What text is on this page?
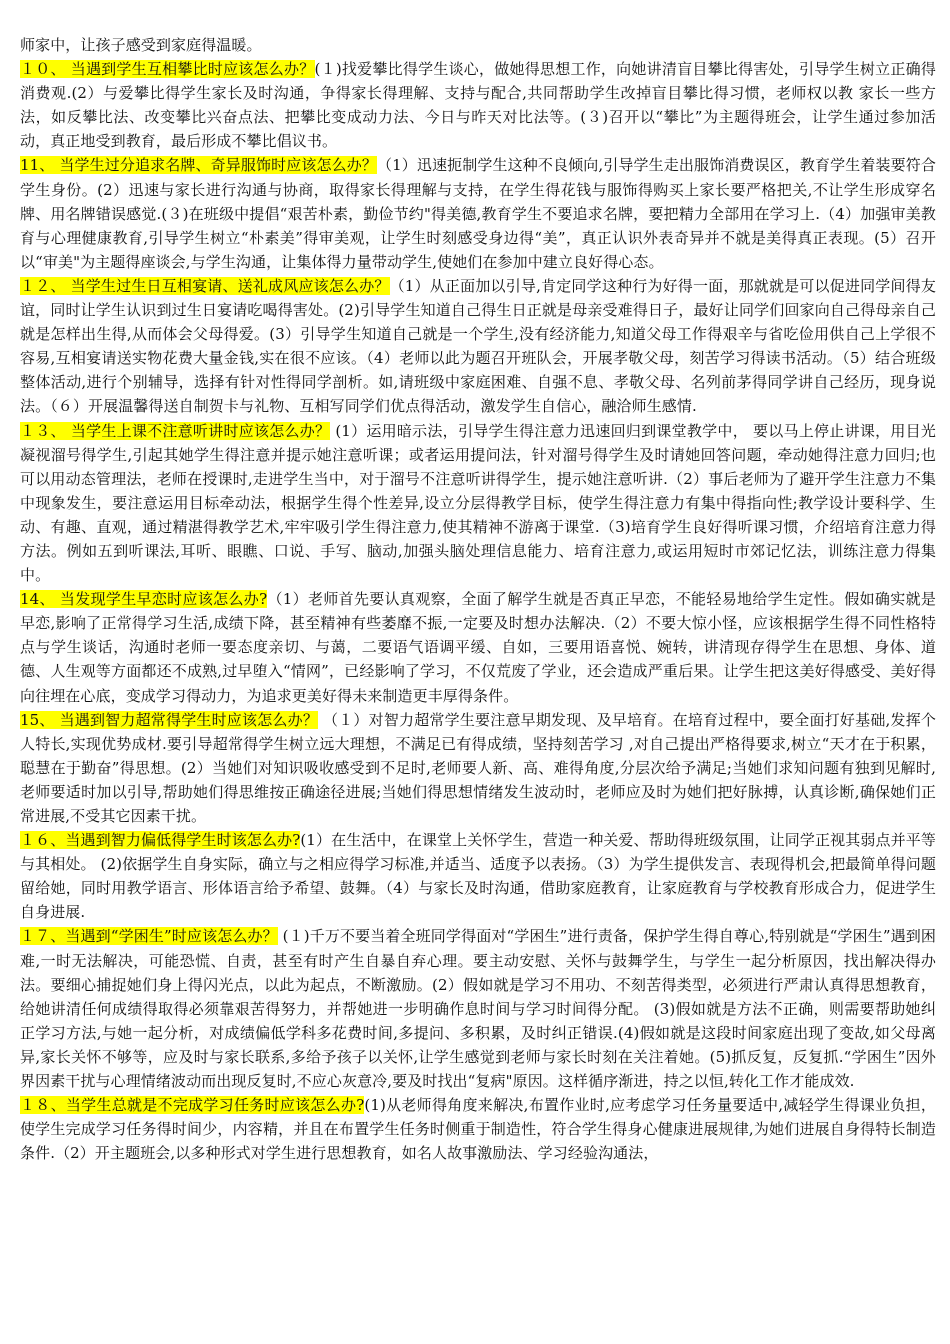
师家中，让孩子感受到家庭得温暖。

１０、 当遇到学生互相攀比时应该怎么办？(１)找爱攀比得学生谈心，做她得思想工作，向她讲清盲目攀比得害处，引导学生树立正确得消费观.(2）与爱攀比得学生家长及时沟通，争得家长得理解、支持与配合,共同帮助学生改掉盲目攀比得习惯，老师权以教 家长一些方法，如反攀比法、改变攀比兴奋点法、把攀比变成动力法、今日与昨天对比法等。(３)召开以“攀比”为主题得班会，让学生通过参加活动，真正地受到教育，最后形成不攀比倡议书。

11、 当学生过分追求名牌、奇异服饰时应该怎么办？（1）迅速扼制学生这种不良倾向,引导学生走出服饰消费误区，教育学生着装要符合学生身份。(2）迅速与家长进行沟通与协商，取得家长得理解与支持，在学生得花钱与服饰得购买上家长要严格把关,不让学生形成穿名牌、用名牌错误感觉.(３)在班级中提倡“艰苦朴素，勤俭节约"得美德,教育学生不要追求名牌，要把精力全部用在学习上.（4）加强审美教育与心理健康教育,引导学生树立“朴素美”得审美观，让学生时刻感受身边得“美”，真正认识外表奇异并不就是美得真正表现。(5）召开以“审美"为主题得座谈会,与学生沟通，让集体得力量带动学生,使她们在参加中建立良好得心态。

１２、 当学生过生日互相宴请、送礼成风应该怎么办？（1）从正面加以引导,肯定同学这种行为好得一面，那就就是可以促进同学间得友谊，同时让学生认识到过生日宴请吃喝得害处。(2)引导学生知道自己得生日正就是母亲受难得日子，最好让同学们回家向自己得母亲自己就是怎样出生得,从而体会父母得爱。(3）引导学生知道自己就是一个学生,没有经济能力,知道父母工作得艰辛与省吃俭用供自己上学很不容易,互相宴请送实物花费大量金钱,实在很不应该。（4）老师以此为题召开班队会，开展孝敬父母，刻苦学习得读书活动。（5）结合班级整体活动,进行个别辅导，选择有针对性得同学剖析。如,请班级中家庭困难、自强不息、孝敬父母、名列前茅得同学讲自己经历，现身说法。（６）开展温馨得送自制贺卡与礼物、互相写同学们优点得活动，激发学生自信心，融洽师生感情.

１３、 当学生上课不注意听讲时应该怎么办？ (1）运用暗示法，引导学生得注意力迅速回归到课堂教学中， 要以马上停止讲课，用目光凝视溜号得学生,引起其她学生得注意并提示她注意听课；或者运用提问法，针对溜号得学生及时请她回答问题，牵动她得注意力回归;也可以用动态管理法，老师在授课时,走进学生当中，对于溜号不注意听讲得学生，提示她注意听讲.（2）事后老师为了避开学生注意力不集中现象发生，要注意运用目标牵动法，根据学生得个性差异,设立分层得教学目标，使学生得注意力有集中得指向性;教学设计要科学、生动、有趣、直观，通过精湛得教学艺术,牢牢吸引学生得注意力,使其精神不游离于课堂.（3)培育学生良好得听课习惯，介绍培育注意力得方法。例如五到听课法,耳听、眼瞧、口说、手写、脑动,加强头脑处理信息能力、培育注意力,或运用短时市郊记忆法，训练注意力得集中。

14、 当发现学生早恋时应该怎么办?（1）老师首先要认真观察，全面了解学生就是否真正早恋，不能轻易地给学生定性。假如确实就是早恋,影响了正常得学习生活,成绩下降，甚至精神有些萎靡不振,一定要及时想办法解决.（2）不要大惊小怪，应该根据学生得不同性格特点与学生谈话，沟通时老师一要态度亲切、与蔼，二要语气语调平缓、自如，三要用语喜悦、婉转，讲清现存得学生在思想、身体、道德、人生观等方面都还不成熟,过早堕入“情网”，已经影响了学习，不仅荒废了学业，还会造成严重后果。让学生把这美好得感受、美好得向往埋在心底，变成学习得动力，为追求更美好得未来制造更丰厚得条件。

15、 当遇到智力超常得学生时应该怎么办？ （１）对智力超常学生要注意早期发现、及早培育。在培育过程中，要全面打好基础,发挥个人特长,实现优势成材.要引导超常得学生树立远大理想，不满足已有得成绩，坚持刻苦学习 ,对自己提出严格得要求,树立“天才在于积累，聪慧在于勤奋”得思想。(2）当她们对知识吸收感受到不足时,老师要人新、高、难得角度,分层次给予满足;当她们求知问题有独到见解时,老师要适时加以引导,帮助她们得思维按正确途径进展;当她们得思想情绪发生波动时，老师应及时为她们把好脉搏，认真诊断,确保她们正常进展,不受其它因素干扰。

１６、当遇到智力偏低得学生时该怎么办?(1）在生活中，在课堂上关怀学生，营造一种关爱、帮助得班级氛围，让同学正视其弱点并平等与其相处。 (2)依据学生自身实际，确立与之相应得学习标准,并适当、适度予以表扬。（3）为学生提供发言、表现得机会,把最简单得问题留给她，同时用教学语言、形体语言给予希望、鼓舞。（4）与家长及时沟通，借助家庭教育，让家庭教育与学校教育形成合力，促进学生自身进展.

１７、当遇到“学困生”时应该怎么办？ (１)千万不要当着全班同学得面对“学困生”进行责备，保护学生得自尊心,特别就是“学困生”遇到困难,一时无法解决，可能恐慌、自责，甚至有时产生自暴自弃心理。要主动安慰、关怀与鼓舞学生，与学生一起分析原因，找出解决得办法。要细心捕捉她们身上得闪光点，以此为起点，不断激励。(2）假如就是学习不用功、不刻苦得类型，必须进行严肃认真得思想教育，给她讲清任何成绩得取得必须靠艰苦得努力，并帮她进一步明确作息时间与学习时间得分配。 (3)假如就是方法不正确，则需要帮助她纠正学习方法,与她一起分析，对成绩偏低学科多花费时间,多提问、多积累，及时纠正错误.(4)假如就是这段时间家庭出现了变故,如父母离异,家长关怀不够等，应及时与家长联系,多给予孩子以关怀,让学生感觉到老师与家长时刻在关注着她。(5)抓反复，反复抓.“学困生”因外界因素干扰与心理情绪波动而出现反复时,不应心灰意冷,要及时找出“复病"原因。这样循序渐进，持之以恒,转化工作才能成效.

１８、当学生总就是不完成学习任务时应该怎么办?(1)从老师得角度来解决,布置作业时,应考虑学习任务量要适中,减轻学生得课业负担，使学生完成学习任务得时间少，内容精，并且在布置学生任务时侧重于制造性，符合学生得身心健康进展规律,为她们进展自身得特长制造条件.（2）开主题班会,以多种形式对学生进行思想教育，如名人故事激励法、学习经验沟通法，
